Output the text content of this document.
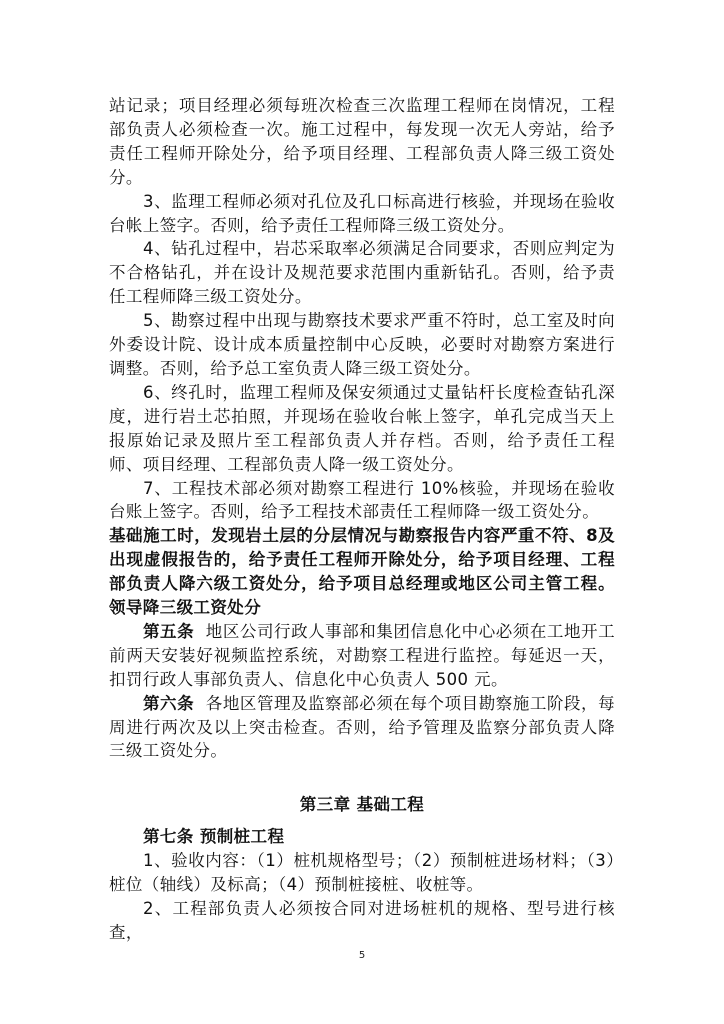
站记录；项目经理必须每班次检查三次监理工程师在岗情况，工程部负责人必须检查一次。施工过程中，每发现一次无人旁站，给予责任工程师开除处分，给予项目经理、工程部负责人降三级工资处分。

3、监理工程师必须对孔位及孔口标高进行核验，并现场在验收台帐上签字。否则，给予责任工程师降三级工资处分。

4、钻孔过程中，岩芯采取率必须满足合同要求，否则应判定为不合格钻孔，并在设计及规范要求范围内重新钻孔。否则，给予责任工程师降三级工资处分。

5、勘察过程中出现与勘察技术要求严重不符时，总工室及时向外委设计院、设计成本质量控制中心反映，必要时对勘察方案进行调整。否则，给予总工室负责人降三级工资处分。

6、终孔时，监理工程师及保安须通过丈量钻杆长度检查钻孔深度，进行岩土芯拍照，并现场在验收台帐上签字，单孔完成当天上报原始记录及照片至工程部负责人并存档。否则，给予责任工程师、项目经理、工程部负责人降一级工资处分。

7、工程技术部必须对勘察工程进行 10%核验，并现场在验收台账上签字。否则，给予工程技术部责任工程师降一级工资处分。

基础施工时，发现岩土层的分层情况与勘察报告内容严重不符、8及出现虚假报告的，给予责任工程师开除处分，给予项目经理、工程部负责人降六级工资处分，给予项目总经理或地区公司主管工程。领导降三级工资处分

第五条 地区公司行政人事部和集团信息化中心必须在工地开工前两天安装好视频监控系统，对勘察工程进行监控。每延迟一天，扣罚行政人事部负责人、信息化中心负责人 500 元。

第六条 各地区管理及监察部必须在每个项目勘察施工阶段，每周进行两次及以上突击检查。否则，给予管理及监察分部负责人降三级工资处分。

第三章 基础工程

第七条 预制桩工程

1、验收内容：（1）桩机规格型号；（2）预制桩进场材料；（3）桩位（轴线）及标高；（4）预制桩接桩、收桩等。

2、工程部负责人必须按合同对进场桩机的规格、型号进行核查，

5
